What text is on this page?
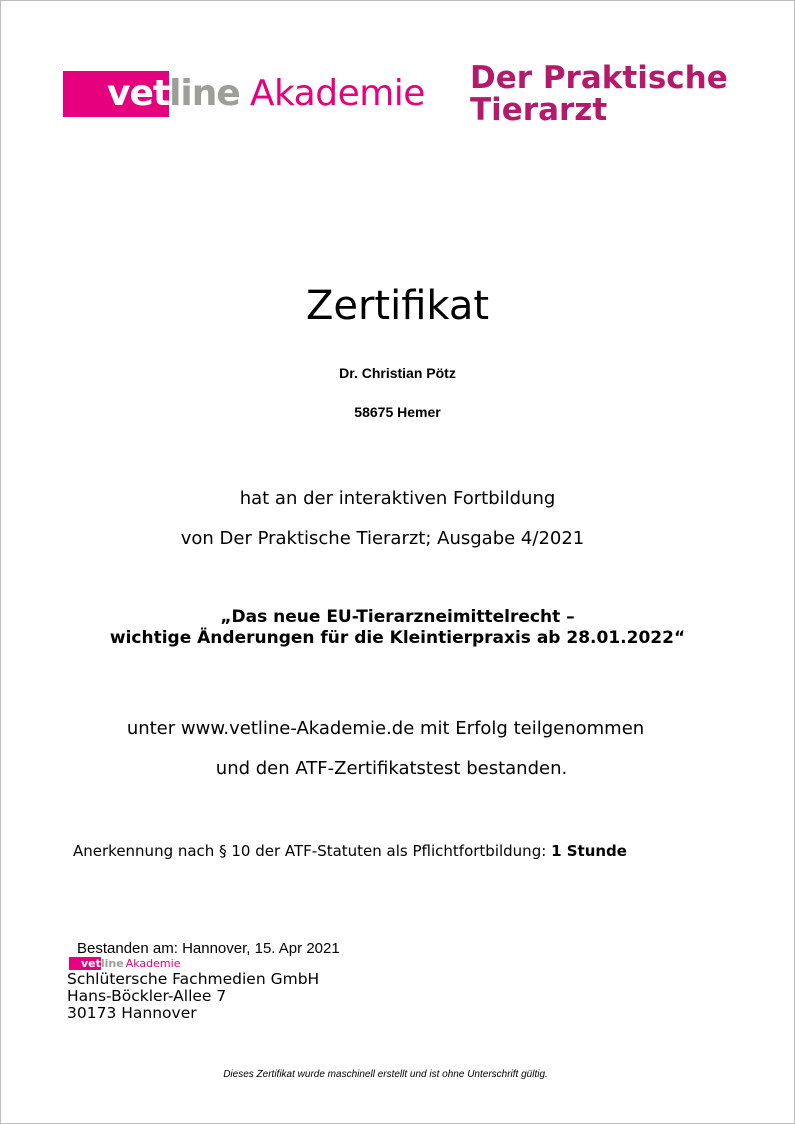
vet line Akademie Der Praktische
Tierarzt
Zertifikat
Dr. Christian Pötz
58675 Hemer
hat an der interaktiven Fortbildung
von Der Praktische Tierarzt; Ausgabe 4/2021
„Das neue EU-Tierarzneimittelrecht –
wichtige Änderungen für die Kleintierpraxis ab 28.01.2022“
unter www.vetline-Akademie.de mit Erfolg teilgenommen
und den ATF-Zertifikatstest bestanden.
Anerkennung nach § 10 der ATF-Statuten als Pflichtfortbildung: 1 Stunde
Bestanden am: Hannover, 15. Apr 2021
vet line Akademie
Schlütersche Fachmedien GmbH
Hans-Böckler-Allee 7
30173 Hannover
Dieses Zertifikat wurde maschinell erstellt und ist ohne Unterschrift gültig.
